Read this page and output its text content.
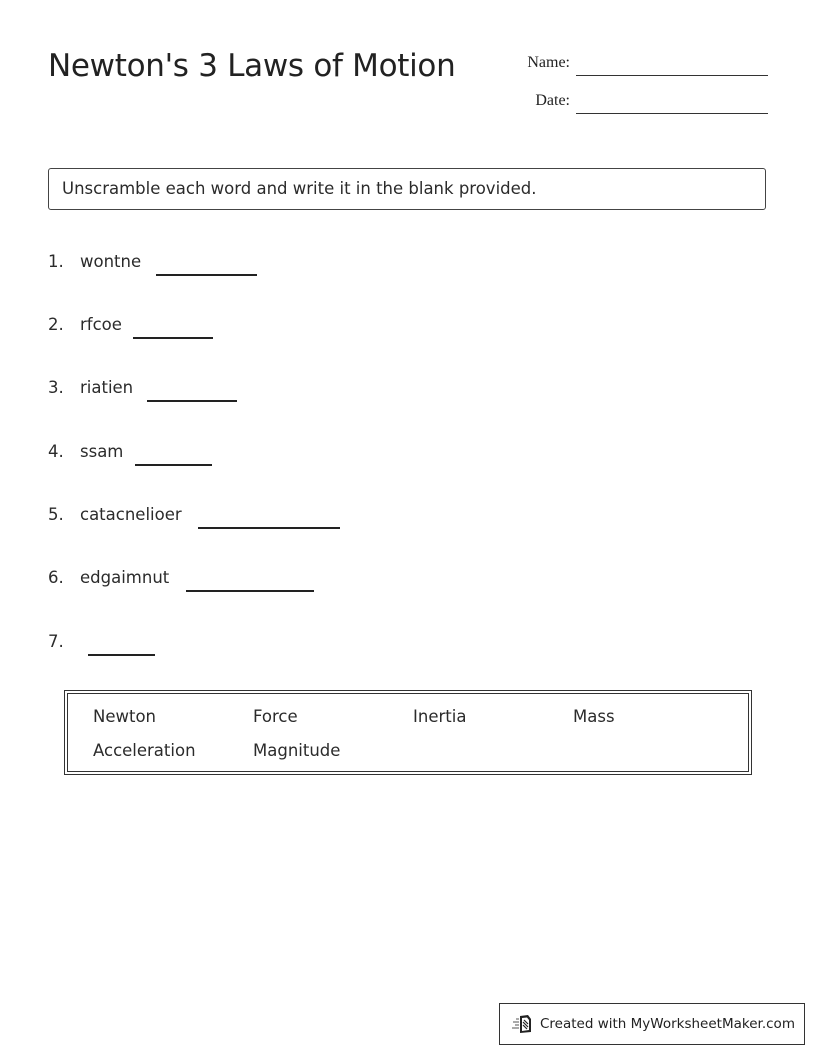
Newton's 3 Laws of Motion	Name:
Date:
Unscramble each word and write it in the blank provided.
1. wontne
2. rfcoe
3. riatien
4. ssam
5. catacnelioer
6. edgaimnut
7.
Newton	Force	Inertia	Mass
Acceleration	Magnitude
Created with MyWorksheetMaker.com
